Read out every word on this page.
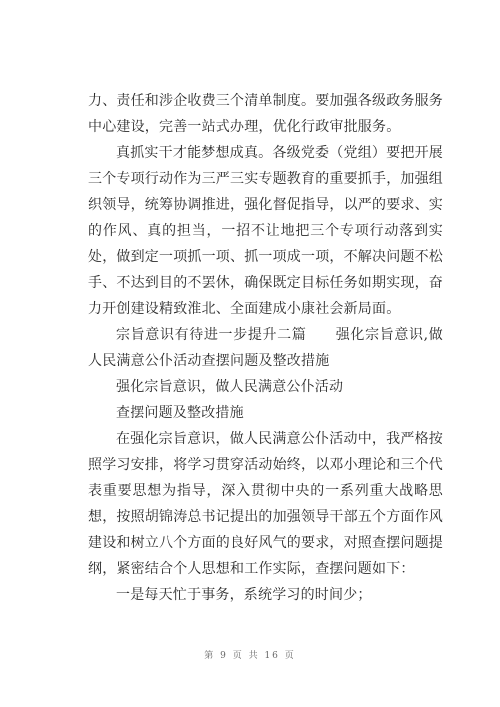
力、责任和涉企收费三个清单制度。要加强各级政务服务中心建设，完善一站式办理，优化行政审批服务。

真抓实干才能梦想成真。各级党委（党组）要把开展三个专项行动作为三严三实专题教育的重要抓手，加强组织领导，统筹协调推进，强化督促指导，以严的要求、实的作风、真的担当，一招不让地把三个专项行动落到实处，做到定一项抓一项、抓一项成一项，不解决问题不松手、不达到目的不罢休，确保既定目标任务如期实现，奋力开创建设精致淮北、全面建成小康社会新局面。

宗旨意识有待进一步提升二篇　　强化宗旨意识,做人民满意公仆活动查摆问题及整改措施

强化宗旨意识，做人民满意公仆活动

查摆问题及整改措施

在强化宗旨意识，做人民满意公仆活动中，我严格按照学习安排，将学习贯穿活动始终，以邓小理论和三个代表重要思想为指导，深入贯彻中央的一系列重大战略思想，按照胡锦涛总书记提出的加强领导干部五个方面作风建设和树立八个方面的良好风气的要求，对照查摆问题提纲，紧密结合个人思想和工作实际，查摆问题如下：

一是每天忙于事务，系统学习的时间少；

第 9 页 共 16 页
